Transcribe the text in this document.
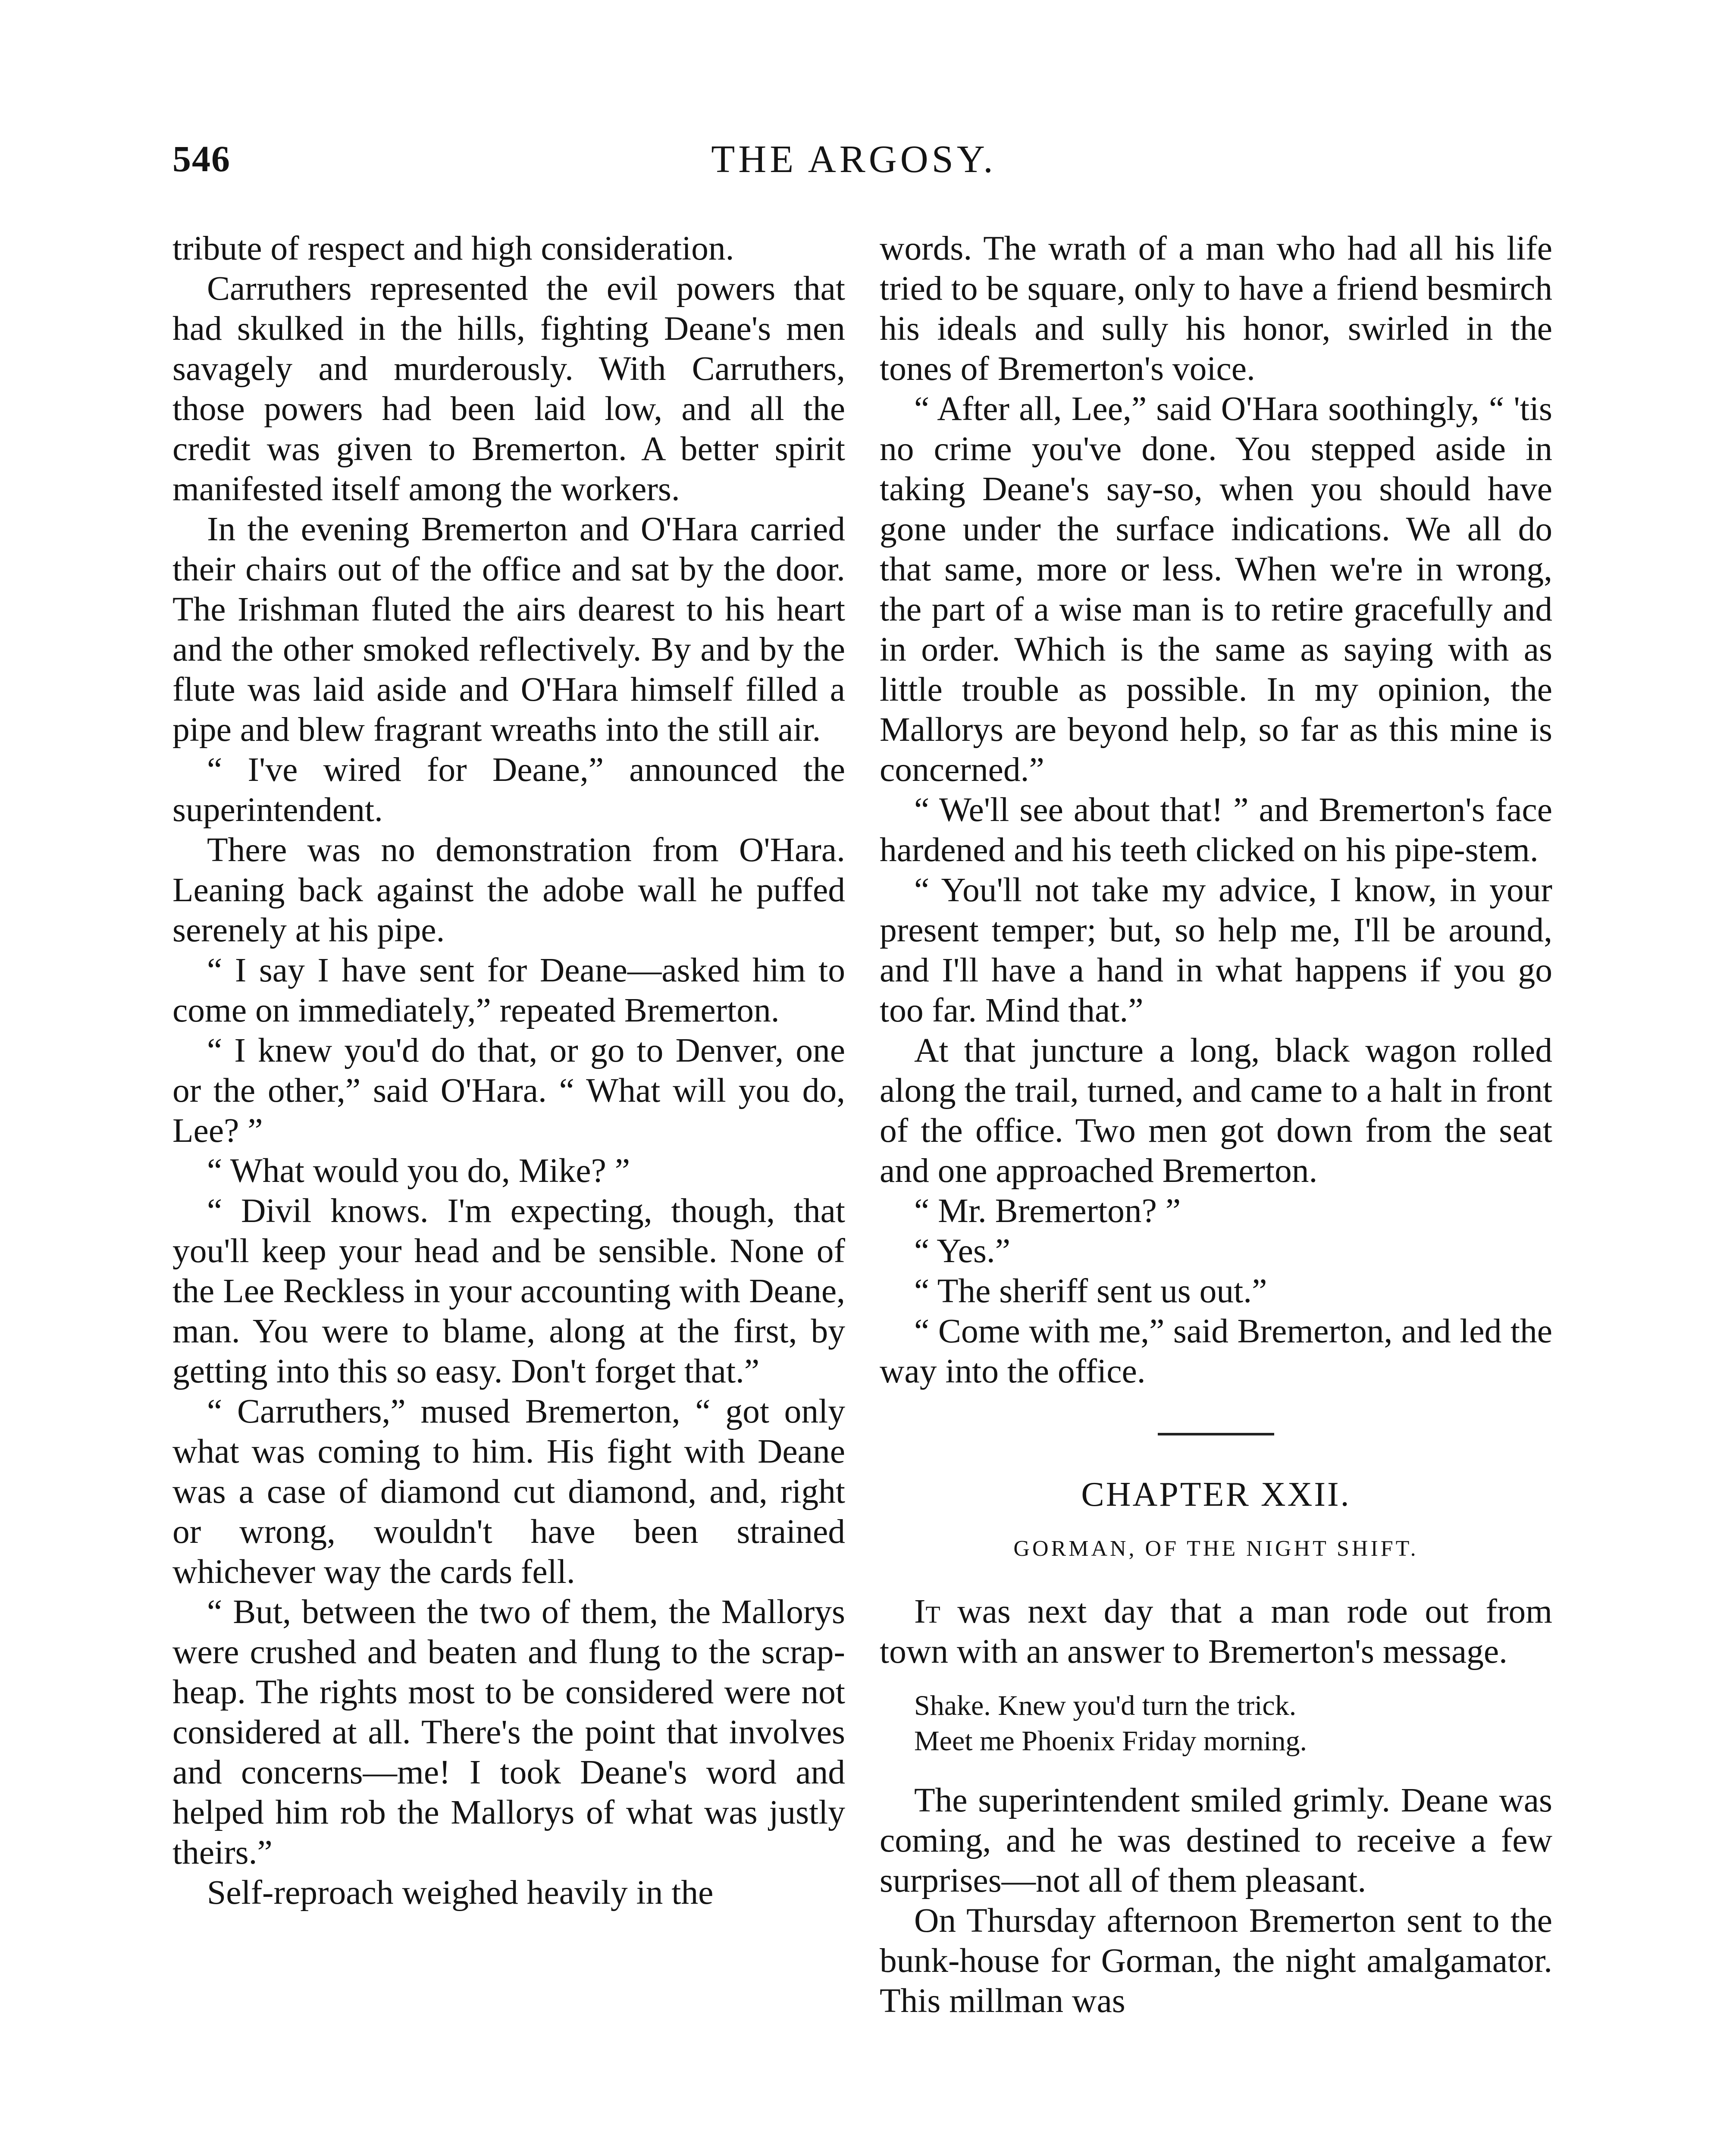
546	THE ARGOSY.

tribute of respect and high consideration.

Carruthers represented the evil powers that had skulked in the hills, fighting Deane's men savagely and murderously. With Carruthers, those powers had been laid low, and all the credit was given to Bremerton. A better spirit manifested itself among the workers.

In the evening Bremerton and O'Hara carried their chairs out of the office and sat by the door. The Irishman fluted the airs dearest to his heart and the other smoked reflectively. By and by the flute was laid aside and O'Hara himself filled a pipe and blew fragrant wreaths into the still air.

“ I've wired for Deane,” announced the superintendent.

There was no demonstration from O'Hara. Leaning back against the adobe wall he puffed serenely at his pipe.

“ I say I have sent for Deane—asked him to come on immediately,” repeated Bremerton.

“ I knew you'd do that, or go to Denver, one or the other,” said O'Hara. “ What will you do, Lee? ”

“ What would you do, Mike? ”

“ Divil knows. I'm expecting, though, that you'll keep your head and be sensible. None of the Lee Reckless in your accounting with Deane, man. You were to blame, along at the first, by getting into this so easy. Don't forget that.”

“ Carruthers,” mused Bremerton, “ got only what was coming to him. His fight with Deane was a case of diamond cut diamond, and, right or wrong, wouldn't have been strained whichever way the cards fell.

“ But, between the two of them, the Mallorys were crushed and beaten and flung to the scrap-heap. The rights most to be considered were not considered at all. There's the point that involves and concerns—me! I took Deane's word and helped him rob the Mallorys of what was justly theirs.”

Self-reproach weighed heavily in the

words. The wrath of a man who had all his life tried to be square, only to have a friend besmirch his ideals and sully his honor, swirled in the tones of Bremerton's voice.

“ After all, Lee,” said O'Hara soothingly, “ 'tis no crime you've done. You stepped aside in taking Deane's say-so, when you should have gone under the surface indications. We all do that same, more or less. When we're in wrong, the part of a wise man is to retire gracefully and in order. Which is the same as saying with as little trouble as possible. In my opinion, the Mallorys are beyond help, so far as this mine is concerned.”

“ We'll see about that! ” and Bremerton's face hardened and his teeth clicked on his pipe-stem.

“ You'll not take my advice, I know, in your present temper; but, so help me, I'll be around, and I'll have a hand in what happens if you go too far. Mind that.”

At that juncture a long, black wagon rolled along the trail, turned, and came to a halt in front of the office. Two men got down from the seat and one approached Bremerton.

“ Mr. Bremerton? ”

“ Yes.”

“ The sheriff sent us out.”

“ Come with me,” said Bremerton, and led the way into the office.

CHAPTER XXII.
GORMAN, OF THE NIGHT SHIFT.

It was next day that a man rode out from town with an answer to Bremerton's message.

Shake. Knew you'd turn the trick.
Meet me Phoenix Friday morning.

The superintendent smiled grimly. Deane was coming, and he was destined to receive a few surprises—not all of them pleasant.

On Thursday afternoon Bremerton sent to the bunk-house for Gorman, the night amalgamator. This millman was
